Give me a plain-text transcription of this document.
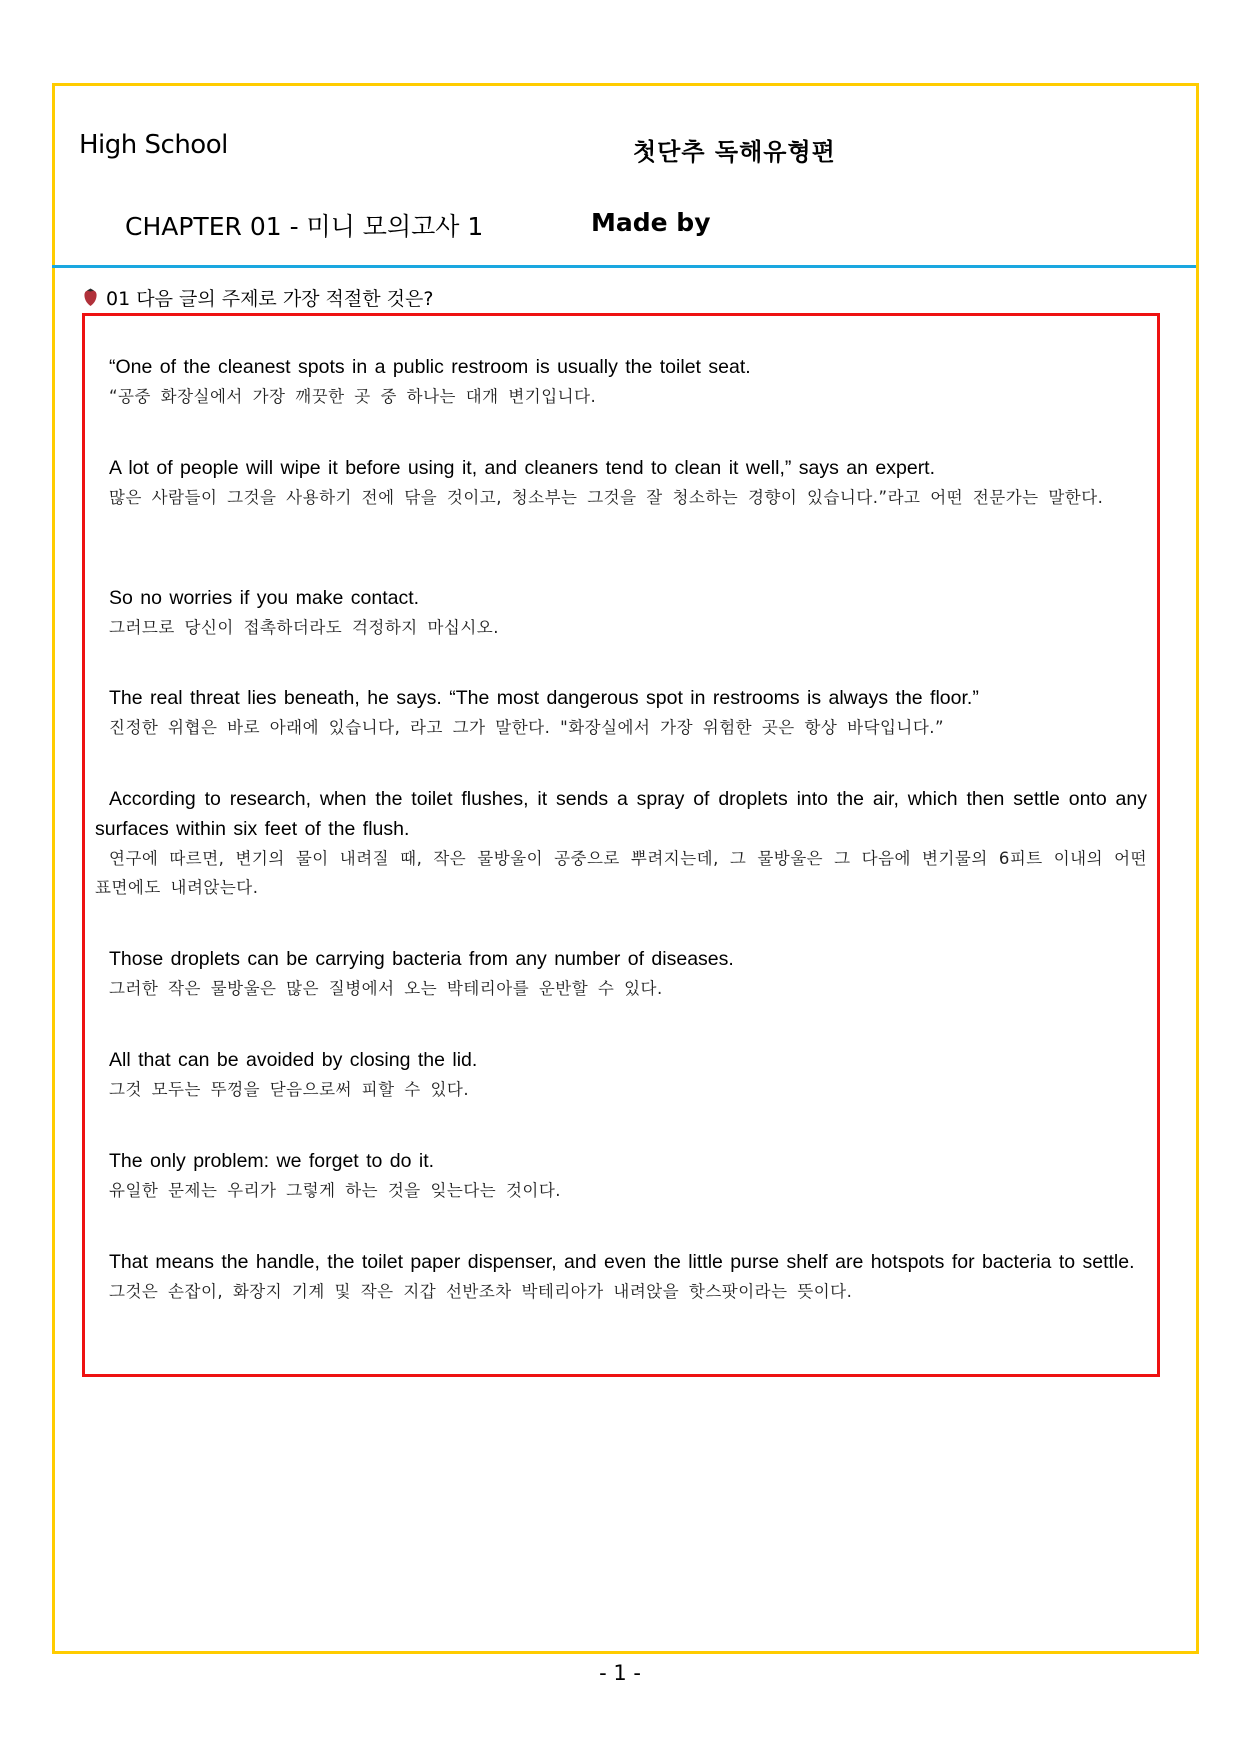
High School	첫단추 독해유형편
CHAPTER 01 - 미니 모의고사 1	Made by
01 다음 글의 주제로 가장 적절한 것은?
“One of the cleanest spots in a public restroom is usually the toilet seat.
“공중 화장실에서 가장 깨끗한 곳 중 하나는 대개 변기입니다.
A lot of people will wipe it before using it, and cleaners tend to clean it well,” says an expert.
많은 사람들이 그것을 사용하기 전에 닦을 것이고, 청소부는 그것을 잘 청소하는 경향이 있습니다.”라고 어떤 전문가는 말한다.
So no worries if you make contact.
그러므로 당신이 접촉하더라도 걱정하지 마십시오.
The real threat lies beneath, he says. “The most dangerous spot in restrooms is always the floor.”
진정한 위협은 바로 아래에 있습니다, 라고 그가 말한다. "화장실에서 가장 위험한 곳은 항상 바닥입니다.”
According to research, when the toilet flushes, it sends a spray of droplets into the air, which then settle onto any surfaces within six feet of the flush.
연구에 따르면, 변기의 물이 내려질 때, 작은 물방울이 공중으로 뿌려지는데, 그 물방울은 그 다음에 변기물의 6피트 이내의 어떤 표면에도 내려앉는다.
Those droplets can be carrying bacteria from any number of diseases.
그러한 작은 물방울은 많은 질병에서 오는 박테리아를 운반할 수 있다.
All that can be avoided by closing the lid.
그것 모두는 뚜껑을 닫음으로써 피할 수 있다.
The only problem: we forget to do it.
유일한 문제는 우리가 그렇게 하는 것을 잊는다는 것이다.
That means the handle, the toilet paper dispenser, and even the little purse shelf are hotspots for bacteria to settle.
그것은 손잡이, 화장지 기계 및 작은 지갑 선반조차 박테리아가 내려앉을 핫스팟이라는 뜻이다.
- 1 -
